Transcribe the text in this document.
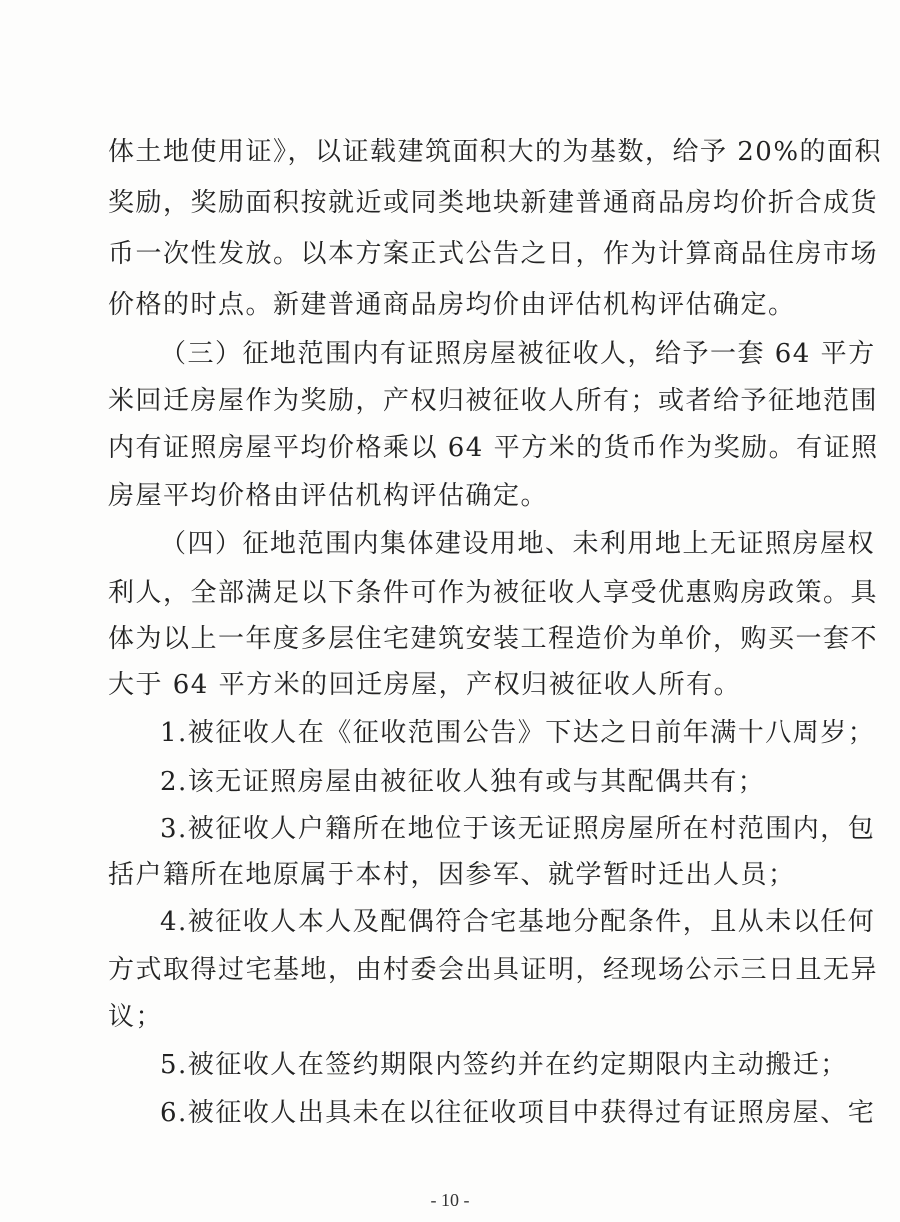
体土地使用证》，以证载建筑面积大的为基数，给予 20%的面积
奖励，奖励面积按就近或同类地块新建普通商品房均价折合成货
币一次性发放。以本方案正式公告之日，作为计算商品住房市场
价格的时点。新建普通商品房均价由评估机构评估确定。
（三）征地范围内有证照房屋被征收人，给予一套 64 平方
米回迁房屋作为奖励，产权归被征收人所有；或者给予征地范围
内有证照房屋平均价格乘以 64 平方米的货币作为奖励。有证照
房屋平均价格由评估机构评估确定。
（四）征地范围内集体建设用地、未利用地上无证照房屋权
利人，全部满足以下条件可作为被征收人享受优惠购房政策。具
体为以上一年度多层住宅建筑安装工程造价为单价，购买一套不
大于 64 平方米的回迁房屋，产权归被征收人所有。
1.被征收人在《征收范围公告》下达之日前年满十八周岁；
2.该无证照房屋由被征收人独有或与其配偶共有；
3.被征收人户籍所在地位于该无证照房屋所在村范围内，包
括户籍所在地原属于本村，因参军、就学暂时迁出人员；
4.被征收人本人及配偶符合宅基地分配条件，且从未以任何
方式取得过宅基地，由村委会出具证明，经现场公示三日且无异
议；
5.被征收人在签约期限内签约并在约定期限内主动搬迁；
6.被征收人出具未在以往征收项目中获得过有证照房屋、宅
- 10 -
